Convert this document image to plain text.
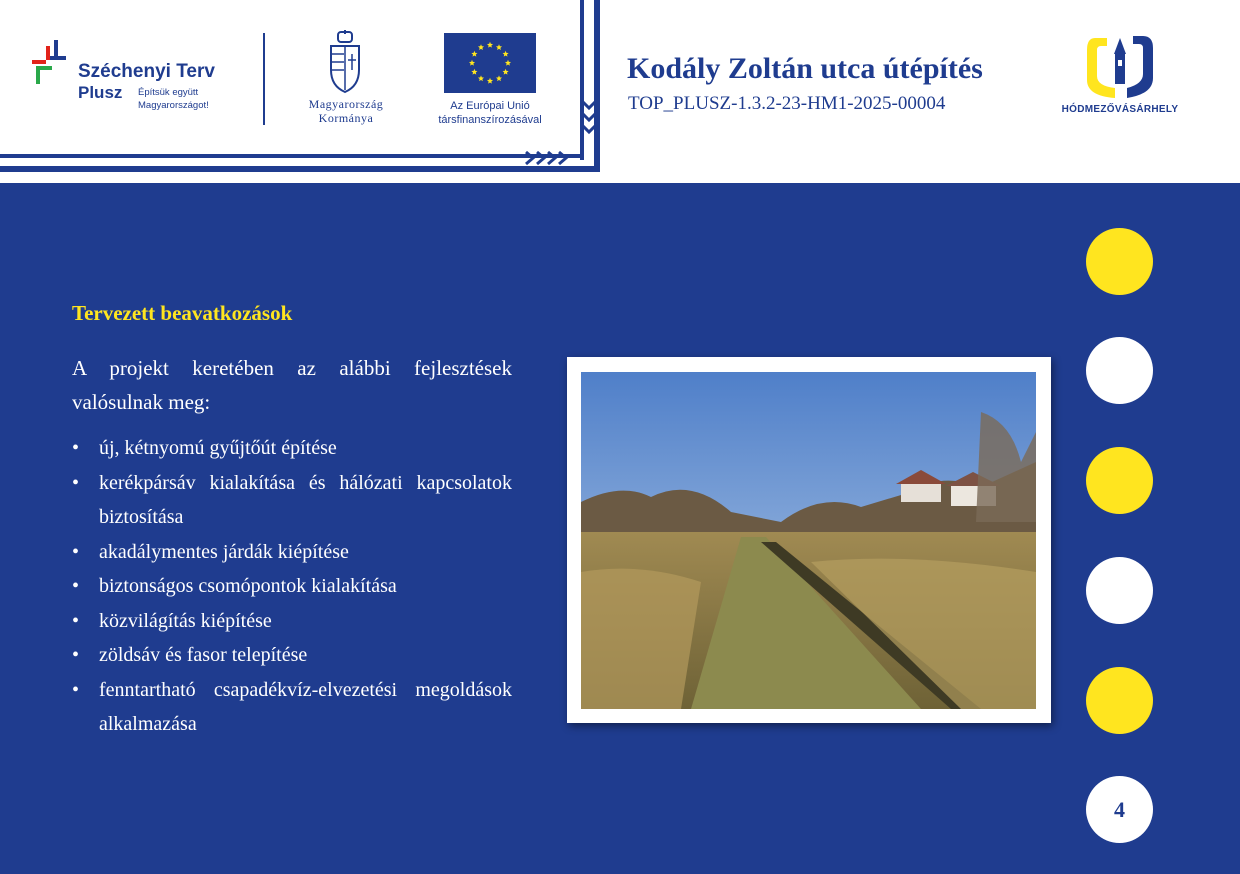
Széchenyi Terv
Plusz Építsük együtt Magyarországot!	Magyarország Kormánya
Az Európai Unió társfinanszírozásával
Kodály Zoltán utca útépítés
TOP_PLUSZ-1.3.2-23-HM1-2025-00004	HÓDMEZŐVÁSÁRHELY
4
Tervezett beavatkozások
A projekt keretében az alábbi fejlesztések valósulnak meg:
• új, kétnyomú gyűjtőút építése
• kerékpársáv kialakítása és hálózati kapcsolatok biztosítása
• akadálymentes járdák kiépítése
• biztonságos csomópontok kialakítása
• közvilágítás kiépítése
• zöldsáv és fasor telepítése
• fenntartható csapadékvíz-elvezetési megoldások alkalmazása
